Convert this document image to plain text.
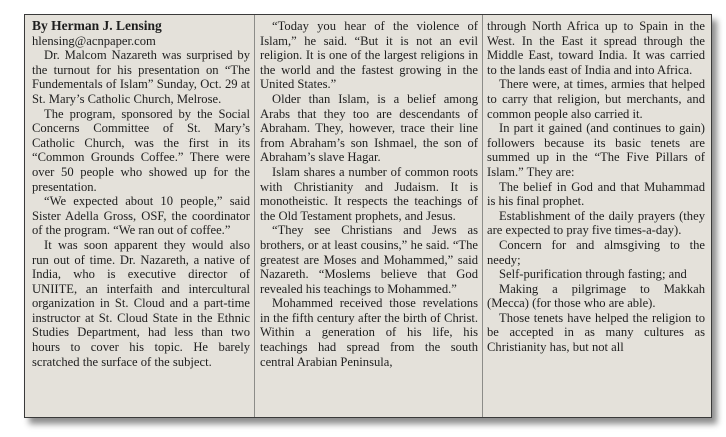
By Herman J. Lensing

hlensing@acnpaper.com

Dr. Malcom Nazareth was surprised by the turnout for his presentation on “The Fundementals of Islam” Sunday, Oct. 29 at St. Mary’s Catholic Church, Melrose.

The program, sponsored by the Social Concerns Committee of St. Mary’s Catholic Church, was the first in its “Common Grounds Coffee.” There were over 50 people who showed up for the presentation.

“We expected about 10 people,” said Sister Adella Gross, OSF, the coordinator of the program. “We ran out of coffee.”

It was soon apparent they would also run out of time. Dr. Nazareth, a native of India, who is executive director of UNIITE, an interfaith and intercultural organization in St. Cloud and a part-time instructor at St. Cloud State in the Ethnic Studies Department, had less than two hours to cover his topic. He barely scratched the surface of the subject.

“Today you hear of the violence of Islam,” he said. “But it is not an evil religion. It is one of the largest religions in the world and the fastest growing in the United States.”

Older than Islam, is a belief among Arabs that they too are descendants of Abraham. They, however, trace their line from Abraham’s son Ishmael, the son of Abraham’s slave Hagar.

Islam shares a number of common roots with Christianity and Judaism. It is monotheistic. It respects the teachings of the Old Testament prophets, and Jesus.

“They see Christians and Jews as brothers, or at least cousins,” he said. “The greatest are Moses and Mohammed,” said Nazareth. “Moslems believe that God revealed his teachings to Mohammed.”

Mohammed received those revelations in the fifth century after the birth of Christ. Within a generation of his life, his teachings had spread from the south central Arabian Peninsula,

through North Africa up to Spain in the West. In the East it spread through the Middle East, toward India. It was carried to the lands east of India and into Africa.

There were, at times, armies that helped to carry that religion, but merchants, and common people also carried it.

In part it gained (and continues to gain) followers because its basic tenets are summed up in the “The Five Pillars of Islam.” They are:

The belief in God and that Muhammad is his final prophet.

Establishment of the daily prayers (they are expected to pray five times-a-day).

Concern for and almsgiving to the needy;

Self-purification through fasting; and

Making a pilgrimage to Makkah (Mecca) (for those who are able).

Those tenets have helped the religion to be accepted in as many cultures as Christianity has, but not all
